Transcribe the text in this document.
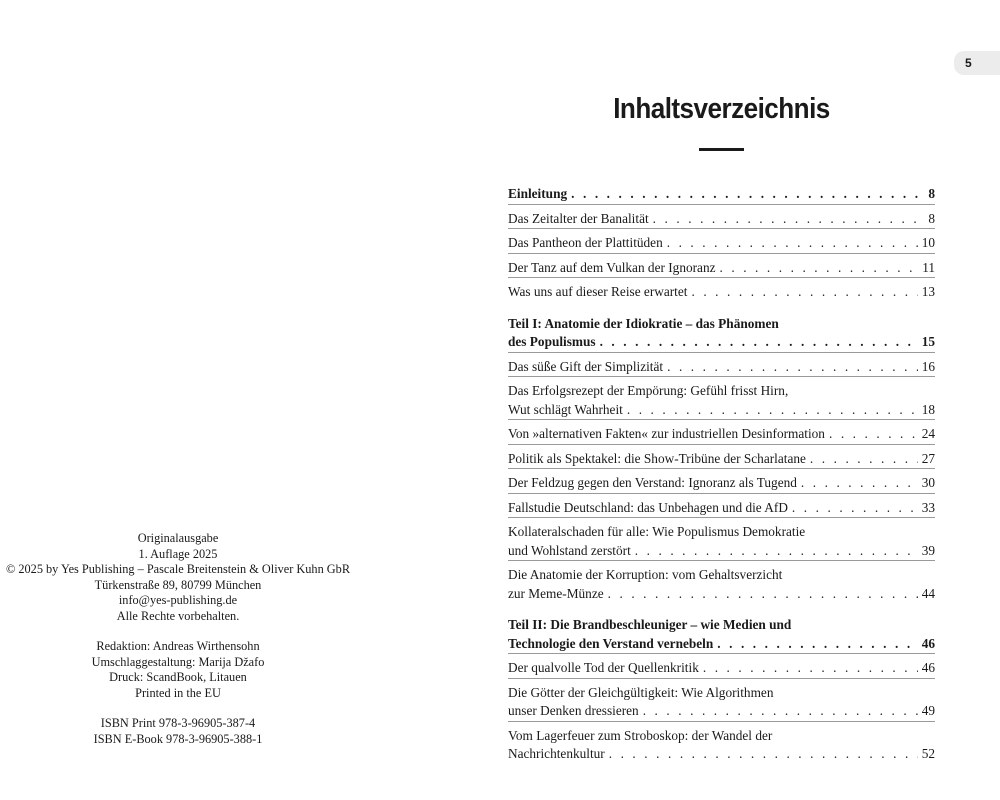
5
Originalausgabe
1. Auflage 2025
© 2025 by Yes Publishing – Pascale Breitenstein & Oliver Kuhn GbR
Türkenstraße 89, 80799 München
info@yes-publishing.de
Alle Rechte vorbehalten.
Redaktion: Andreas Wirthensohn
Umschlaggestaltung: Marija Džafo
Druck: ScandBook, Litauen
Printed in the EU
ISBN Print 978-3-96905-387-4
ISBN E-Book 978-3-96905-388-1
Inhaltsverzeichnis
Einleitung . . .	8
Das Zeitalter der Banalität . . .	8
Das Pantheon der Plattitüden . . .	10
Der Tanz auf dem Vulkan der Ignoranz . . .	11
Was uns auf dieser Reise erwartet . . .	13
Teil I: Anatomie der Idiokratie – das Phänomen
des Populismus . . .	15
Das süße Gift der Simplizität . . .	16
Das Erfolgsrezept der Empörung: Gefühl frisst Hirn,
Wut schlägt Wahrheit . . .	18
Von »alternativen Fakten« zur industriellen Desinformation . . .	24
Politik als Spektakel: die Show-Tribüne der Scharlatane . . .	27
Der Feldzug gegen den Verstand: Ignoranz als Tugend . . .	30
Fallstudie Deutschland: das Unbehagen und die AfD . . .	33
Kollateralschaden für alle: Wie Populismus Demokratie
und Wohlstand zerstört . . .	39
Die Anatomie der Korruption: vom Gehaltsverzicht
zur Meme-Münze . . .	44
Teil II: Die Brandbeschleuniger – wie Medien und
Technologie den Verstand vernebeln . . .	46
Der qualvolle Tod der Quellenkritik . . .	46
Die Götter der Gleichgültigkeit: Wie Algorithmen
unser Denken dressieren . . .	49
Vom Lagerfeuer zum Stroboskop: der Wandel der
Nachrichtenkultur . . .	52
